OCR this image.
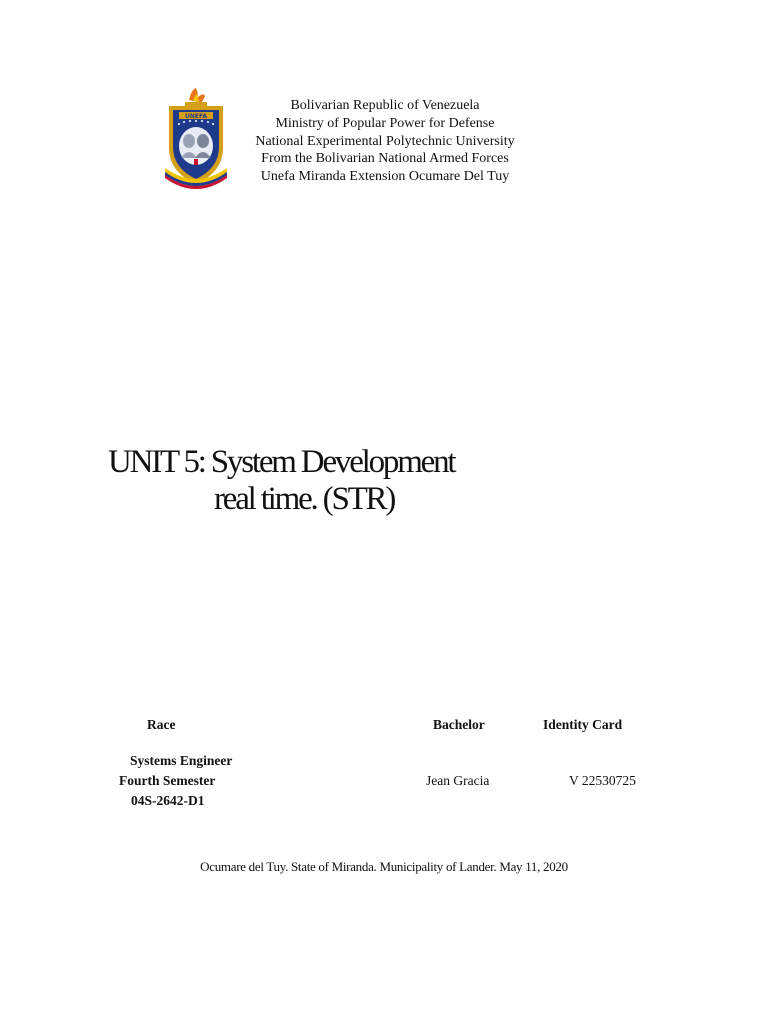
UNEFA
Bolivarian Republic of Venezuela
Ministry of Popular Power for Defense
National Experimental Polytechnic University
From the Bolivarian National Armed Forces
Unefa Miranda Extension Ocumare Del Tuy
UNIT 5: System Development
real time. (STR)
Race	Bachelor	Identity Card
Systems Engineer
Fourth Semester
04S-2642-D1
Jean Gracia	V 22530725
Ocumare del Tuy. State of Miranda. Municipality of Lander. May 11, 2020
